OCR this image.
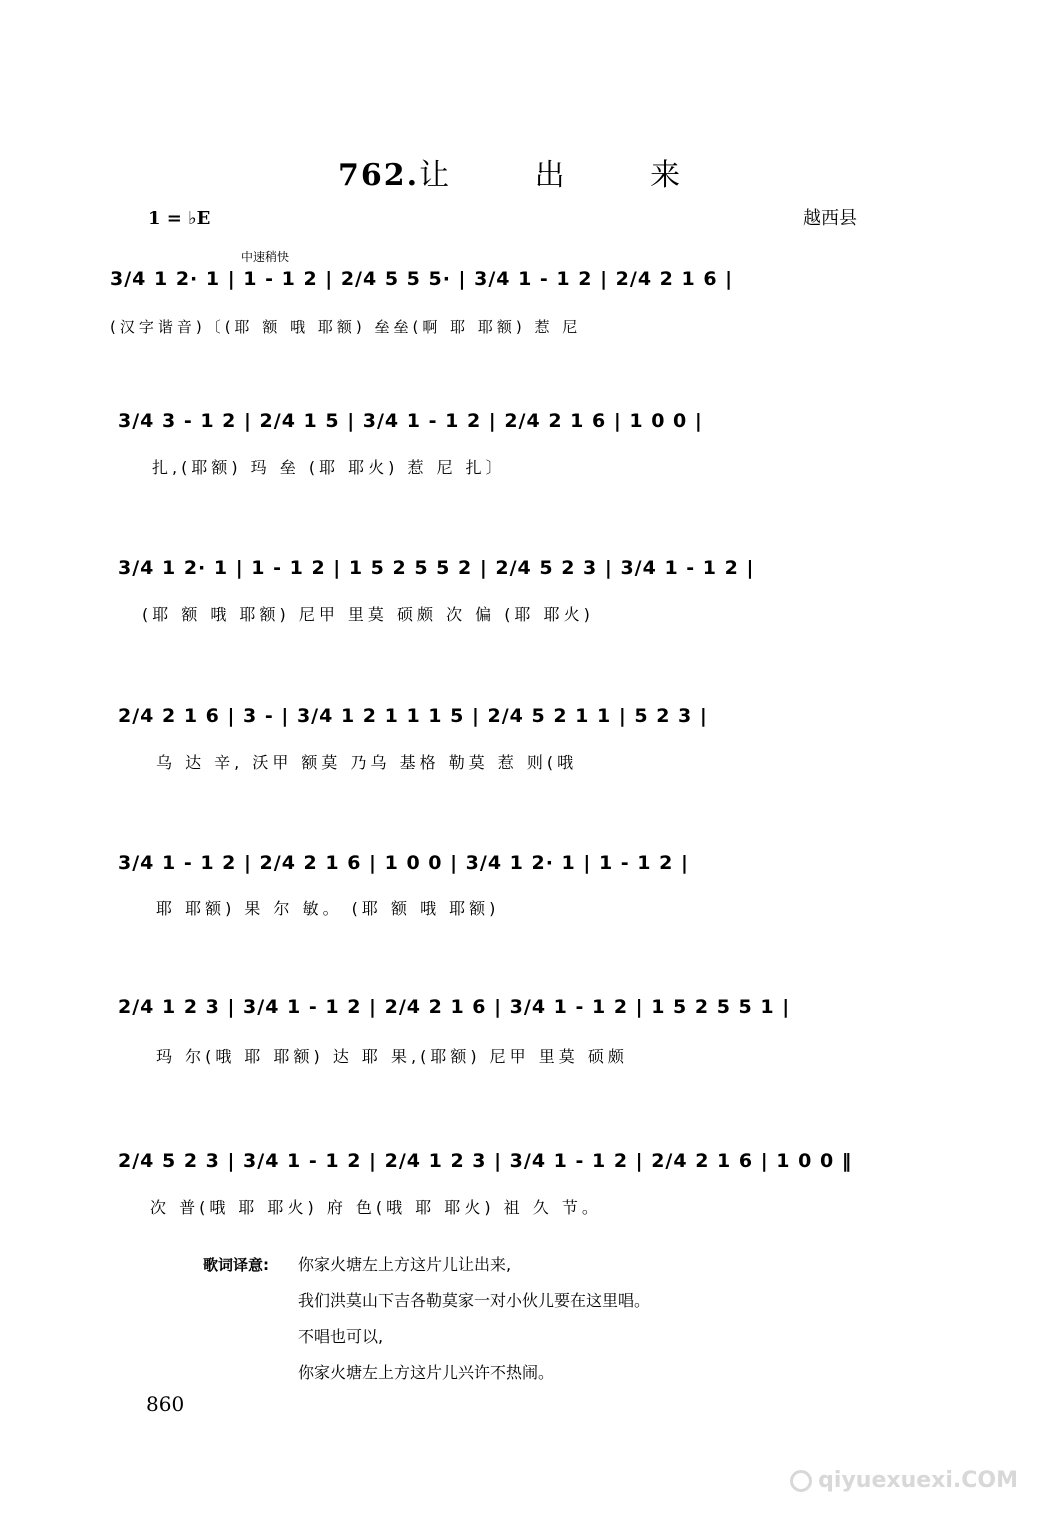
762.让 出 来
1 = ♭E	越西县
中速稍快
3/4 1 2· 1 | 1 - 1 2 | 2/4 5 5 5· | 3/4 1 - 1 2 | 2/4 2 1 6 |
(汉字谐音)〔(耶 额 哦 耶额) 垒垒(啊 耶 耶额) 惹 尼
3/4 3 - 1 2 | 2/4 1 5 | 3/4 1 - 1 2 | 2/4 2 1 6 | 1 0 0 |
扎,(耶额) 玛 垒 (耶 耶火) 惹 尼 扎〕
3/4 1 2· 1 | 1 - 1 2 | 1 5 2 5 5 2 | 2/4 5 2 3 | 3/4 1 - 1 2 |
(耶 额 哦 耶额) 尼甲 里莫 硕颇 次 偏 (耶 耶火)
2/4 2 1 6 | 3 - | 3/4 1 2 1 1 1 5 | 2/4 5 2 1 1 | 5 2 3 |
乌 达 辛, 沃甲 额莫 乃乌 基格 勒莫 惹 则(哦
3/4 1 - 1 2 | 2/4 2 1 6 | 1 0 0 | 3/4 1 2· 1 | 1 - 1 2 |
耶 耶额) 果 尔 敏。 (耶 额 哦 耶额)
2/4 1 2 3 | 3/4 1 - 1 2 | 2/4 2 1 6 | 3/4 1 - 1 2 | 1 5 2 5 5 1 |
玛 尔(哦 耶 耶额) 达 耶 果,(耶额) 尼甲 里莫 硕颇
2/4 5 2 3 | 3/4 1 - 1 2 | 2/4 1 2 3 | 3/4 1 - 1 2 | 2/4 2 1 6 | 1 0 0 ‖
次 普(哦 耶 耶火) 府 色(哦 耶 耶火) 祖 久 节。
歌词译意: 你家火塘左上方这片儿让出来,
我们洪莫山下吉各勒莫家一对小伙儿要在这里唱。
不唱也可以,
你家火塘左上方这片儿兴许不热闹。
860
qiyuexuexi.COM
